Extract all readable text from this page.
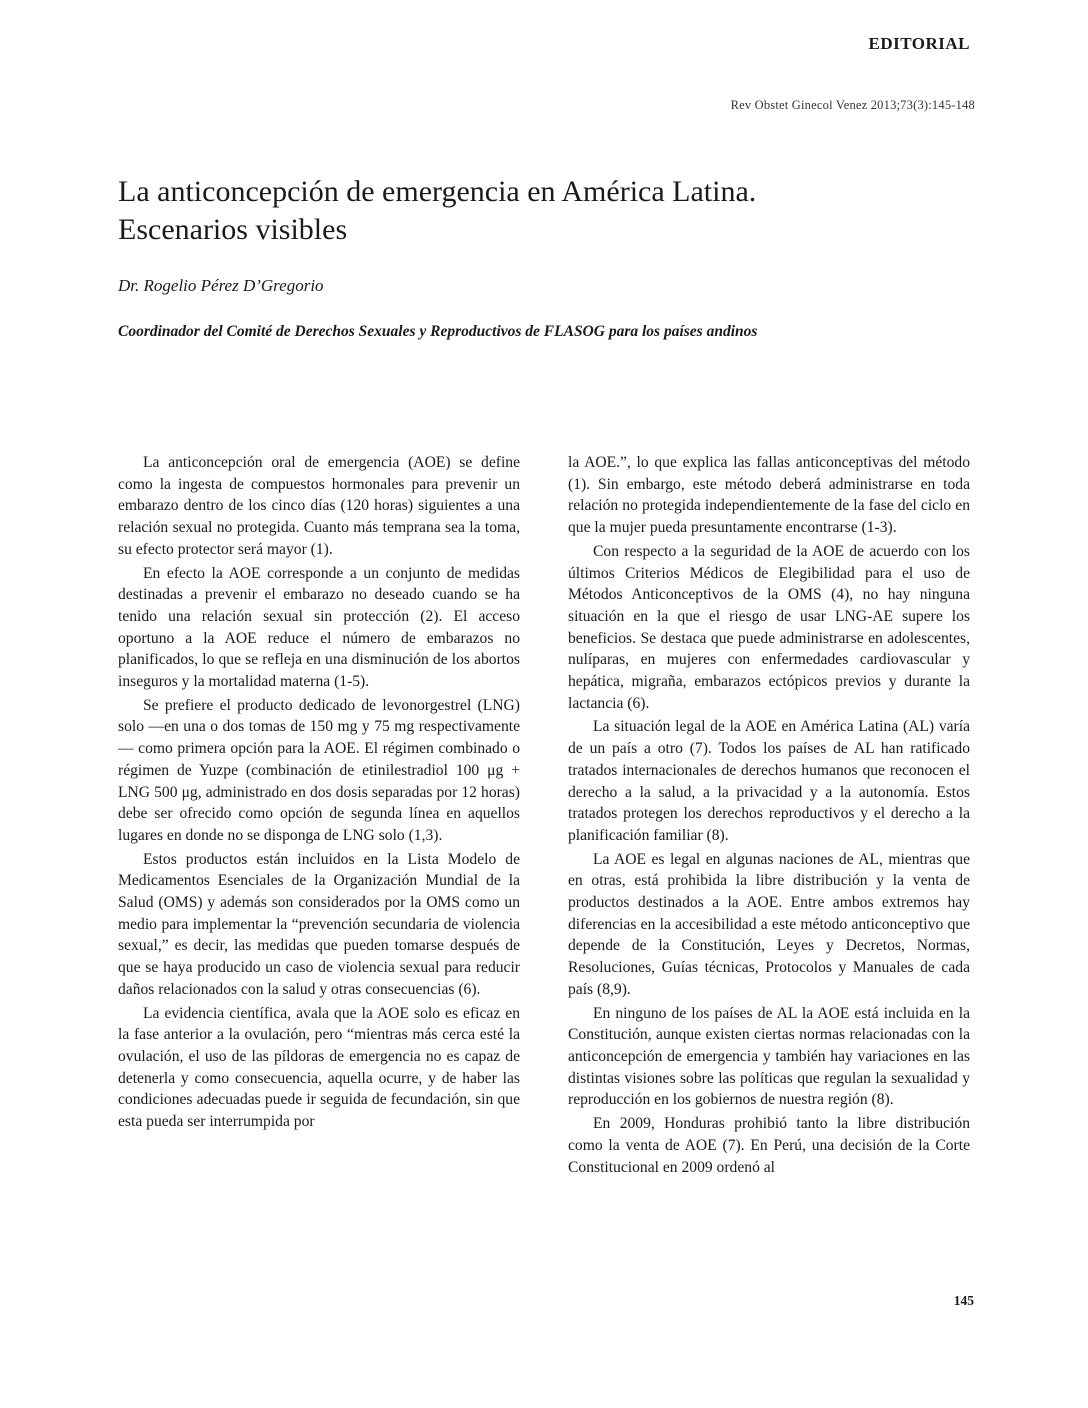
EDITORIAL
Rev Obstet Ginecol Venez 2013;73(3):145-148
La anticoncepción de emergencia en América Latina.
Escenarios visibles
Dr. Rogelio Pérez D’Gregorio
Coordinador del Comité de Derechos Sexuales y Reproductivos de FLASOG para los países andinos

La anticoncepción oral de emergencia (AOE) se define como la ingesta de compuestos hormonales para prevenir un embarazo dentro de los cinco días (120 horas) siguientes a una relación sexual no protegida. Cuanto más temprana sea la toma, su efecto protector será mayor (1).

En efecto la AOE corresponde a un conjunto de medidas destinadas a prevenir el embarazo no deseado cuando se ha tenido una relación sexual sin protección (2). El acceso oportuno a la AOE reduce el número de embarazos no planificados, lo que se refleja en una disminución de los abortos inseguros y la mortalidad materna (1-5).

Se prefiere el producto dedicado de levonorgestrel (LNG) solo —en una o dos tomas de 150 mg y 75 mg respectivamente— como primera opción para la AOE. El régimen combinado o régimen de Yuzpe (combinación de etinilestradiol 100 μg + LNG 500 μg, administrado en dos dosis separadas por 12 horas) debe ser ofrecido como opción de segunda línea en aquellos lugares en donde no se disponga de LNG solo (1,3).

Estos productos están incluidos en la Lista Modelo de Medicamentos Esenciales de la Organización Mundial de la Salud (OMS) y además son considerados por la OMS como un medio para implementar la “prevención secundaria de violencia sexual,” es decir, las medidas que pueden tomarse después de que se haya producido un caso de violencia sexual para reducir daños relacionados con la salud y otras consecuencias (6).

La evidencia científica, avala que la AOE solo es eficaz en la fase anterior a la ovulación, pero “mientras más cerca esté la ovulación, el uso de las píldoras de emergencia no es capaz de detenerla y como consecuencia, aquella ocurre, y de haber las condiciones adecuadas puede ir seguida de fecundación, sin que esta pueda ser interrumpida por

la AOE.”, lo que explica las fallas anticonceptivas del método (1). Sin embargo, este método deberá administrarse en toda relación no protegida independientemente de la fase del ciclo en que la mujer pueda presuntamente encontrarse (1-3).

Con respecto a la seguridad de la AOE de acuerdo con los últimos Criterios Médicos de Elegibilidad para el uso de Métodos Anticonceptivos de la OMS (4), no hay ninguna situación en la que el riesgo de usar LNG-AE supere los beneficios. Se destaca que puede administrarse en adolescentes, nulíparas, en mujeres con enfermedades cardiovascular y hepática, migraña, embarazos ectópicos previos y durante la lactancia (6).

La situación legal de la AOE en América Latina (AL) varía de un país a otro (7). Todos los países de AL han ratificado tratados internacionales de derechos humanos que reconocen el derecho a la salud, a la privacidad y a la autonomía. Estos tratados protegen los derechos reproductivos y el derecho a la planificación familiar (8).

La AOE es legal en algunas naciones de AL, mientras que en otras, está prohibida la libre distribución y la venta de productos destinados a la AOE. Entre ambos extremos hay diferencias en la accesibilidad a este método anticonceptivo que depende de la Constitución, Leyes y Decretos, Normas, Resoluciones, Guías técnicas, Protocolos y Manuales de cada país (8,9).

En ninguno de los países de AL la AOE está incluida en la Constitución, aunque existen ciertas normas relacionadas con la anticoncepción de emergencia y también hay variaciones en las distintas visiones sobre las políticas que regulan la sexualidad y reproducción en los gobiernos de nuestra región (8).

En 2009, Honduras prohibió tanto la libre distribución como la venta de AOE (7). En Perú, una decisión de la Corte Constitucional en 2009 ordenó al

145
